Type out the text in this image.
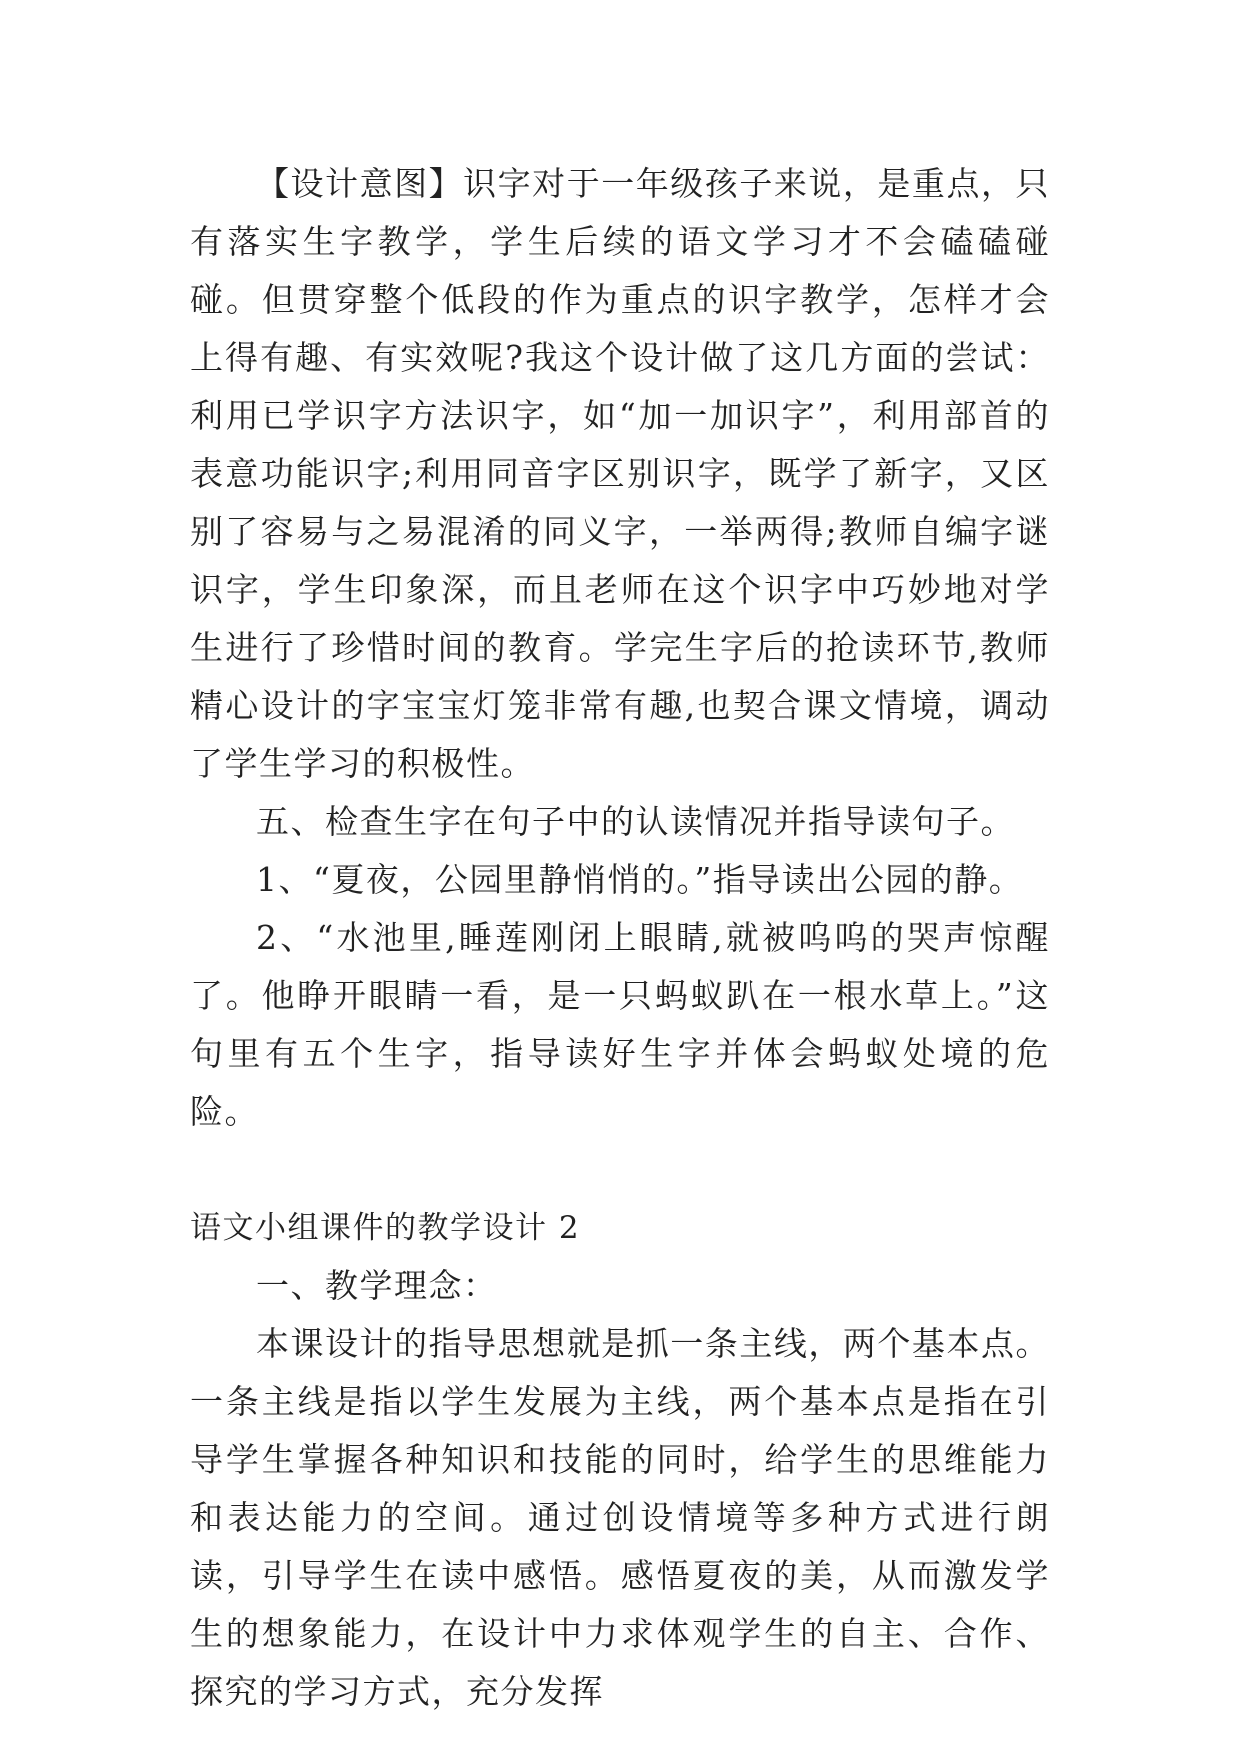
【设计意图】识字对于一年级孩子来说，是重点，只有落实生字教学，学生后续的语文学习才不会磕磕碰碰。但贯穿整个低段的作为重点的识字教学，怎样才会上得有趣、有实效呢?我这个设计做了这几方面的尝试：利用已学识字方法识字，如“加一加识字”，利用部首的表意功能识字;利用同音字区别识字，既学了新字，又区别了容易与之易混淆的同义字，一举两得;教师自编字谜识字，学生印象深，而且老师在这个识字中巧妙地对学生进行了珍惜时间的教育。学完生字后的抢读环节,教师精心设计的字宝宝灯笼非常有趣,也契合课文情境，调动了学生学习的积极性。

五、检查生字在句子中的认读情况并指导读句子。

1、“夏夜，公园里静悄悄的。”指导读出公园的静。

2、“水池里,睡莲刚闭上眼睛,就被呜呜的哭声惊醒了。他睁开眼睛一看，是一只蚂蚁趴在一根水草上。”这句里有五个生字，指导读好生字并体会蚂蚁处境的危险。

语文小组课件的教学设计 2

一、教学理念：

本课设计的指导思想就是抓一条主线，两个基本点。一条主线是指以学生发展为主线，两个基本点是指在引导学生掌握各种知识和技能的同时，给学生的思维能力和表达能力的空间。通过创设情境等多种方式进行朗读，引导学生在读中感悟。感悟夏夜的美，从而激发学生的想象能力，在设计中力求体观学生的自主、合作、探究的学习方式，充分发挥
